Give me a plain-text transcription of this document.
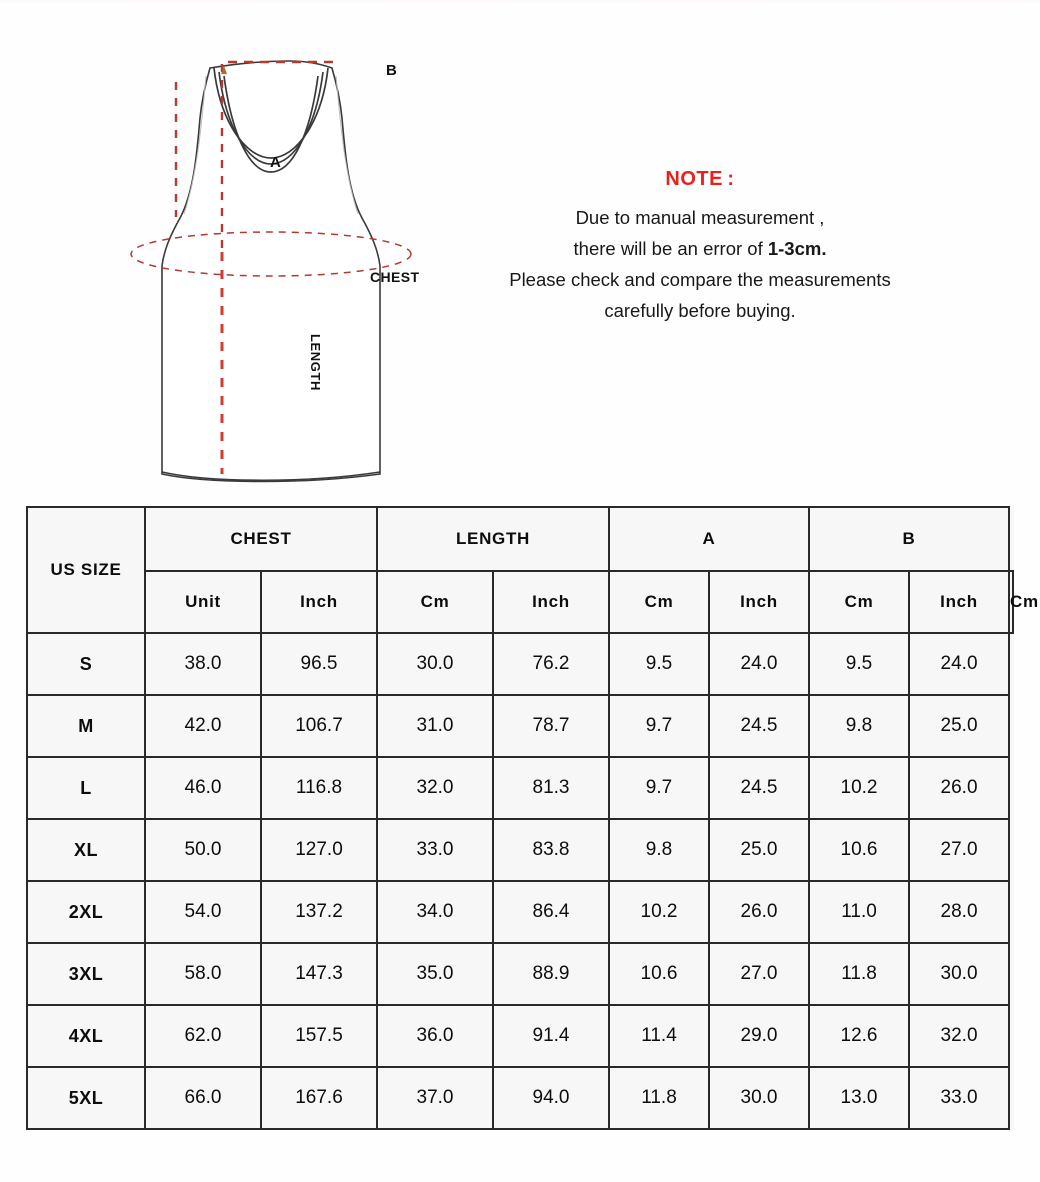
B
A
CHEST
LENGTH
NOTE :
Due to manual measurement ,
there will be an error of 1-3cm.
Please check and compare the measurements
carefully before buying.
US SIZE	CHEST		LENGTH		A		B		
	Unit	Inch	Cm	Inch	Cm	Inch	Cm	Inch	Cm
S	38.0	96.5	30.0	76.2	9.5	24.0	9.5	24.0	
M	42.0	106.7	31.0	78.7	9.7	24.5	9.8	25.0	
L	46.0	116.8	32.0	81.3	9.7	24.5	10.2	26.0	
XL	50.0	127.0	33.0	83.8	9.8	25.0	10.6	27.0	
2XL	54.0	137.2	34.0	86.4	10.2	26.0	11.0	28.0	
3XL	58.0	147.3	35.0	88.9	10.6	27.0	11.8	30.0	
4XL	62.0	157.5	36.0	91.4	11.4	29.0	12.6	32.0	
5XL	66.0	167.6	37.0	94.0	11.8	30.0	13.0	33.0	
